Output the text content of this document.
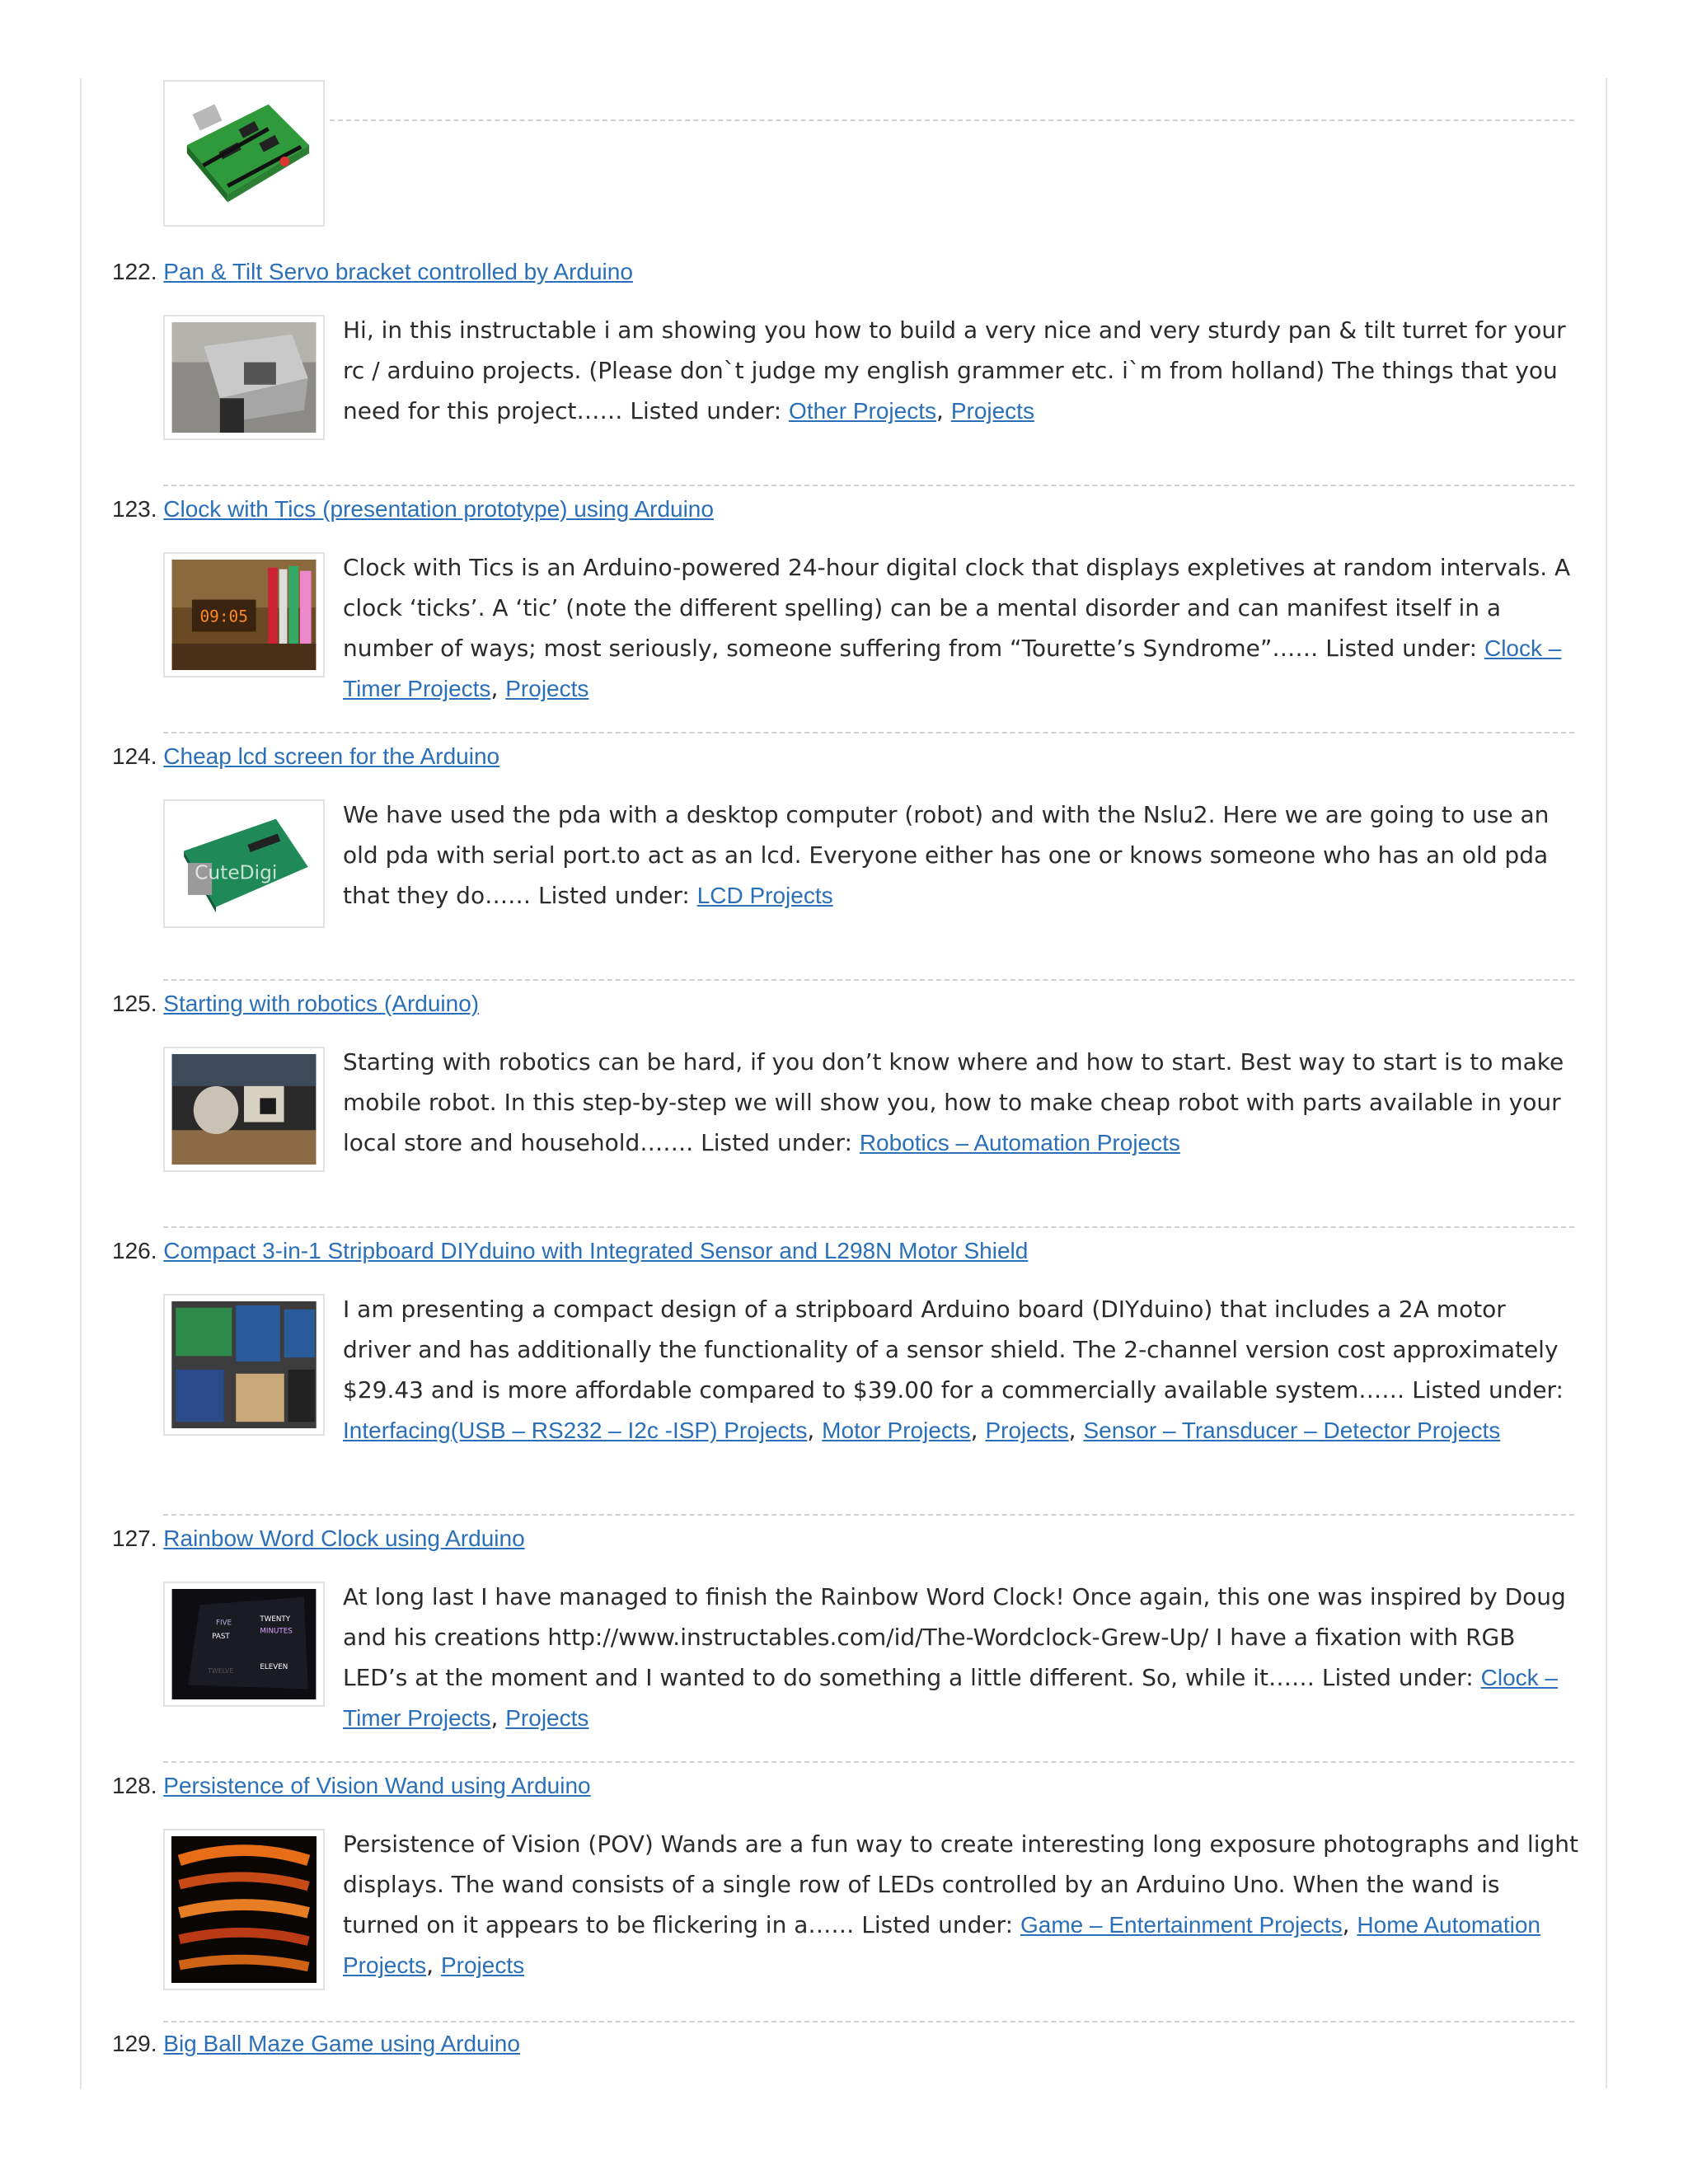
122. Pan & Tilt Servo bracket controlled by Arduino
Hi, in this instructable i am showing you how to build a very nice and very sturdy pan & tilt turret for your rc / arduino projects. (Please don`t judge my english grammer etc. i`m from holland) The things that you need for this project…… Listed under: Other Projects, Projects
123. Clock with Tics (presentation prototype) using Arduino
09:05
Clock with Tics is an Arduino-powered 24-hour digital clock that displays expletives at random intervals. A clock ‘ticks’. A ‘tic’ (note the different spelling) can be a mental disorder and can manifest itself in a number of ways; most seriously, someone suffering from “Tourette’s Syndrome”…… Listed under: Clock – Timer Projects, Projects
124. Cheap lcd screen for the Arduino
CuteDigi
We have used the pda with a desktop computer (robot) and with the Nslu2. Here we are going to use an old pda with serial port.to act as an lcd. Everyone either has one or knows someone who has an old pda that they do…… Listed under: LCD Projects
125. Starting with robotics (Arduino)
Starting with robotics can be hard, if you don’t know where and how to start. Best way to start is to make mobile robot. In this step-by-step we will show you, how to make cheap robot with parts available in your local store and household……. Listed under: Robotics – Automation Projects
126. Compact 3-in-1 Stripboard DIYduino with Integrated Sensor and L298N Motor Shield
I am presenting a compact design of a stripboard Arduino board (DIYduino) that includes a 2A motor driver and has additionally the functionality of a sensor shield. The 2-channel version cost approximately $29.43 and is more affordable compared to $39.00 for a commercially available system…… Listed under: Interfacing(USB – RS232 – I2c -ISP) Projects, Motor Projects, Projects, Sensor – Transducer – Detector Projects
127. Rainbow Word Clock using Arduino
FIVE	TWENTY
MINUTES
PAST
ELEVEN
TWELVE
At long last I have managed to finish the Rainbow Word Clock! Once again, this one was inspired by Doug and his creations http://www.instructables.com/id/The-Wordclock-Grew-Up/ I have a fixation with RGB LED’s at the moment and I wanted to do something a little different. So, while it…… Listed under: Clock – Timer Projects, Projects
128. Persistence of Vision Wand using Arduino
Persistence of Vision (POV) Wands are a fun way to create interesting long exposure photographs and light displays. The wand consists of a single row of LEDs controlled by an Arduino Uno. When the wand is turned on it appears to be flickering in a…… Listed under: Game – Entertainment Projects, Home Automation Projects, Projects
129. Big Ball Maze Game using Arduino
